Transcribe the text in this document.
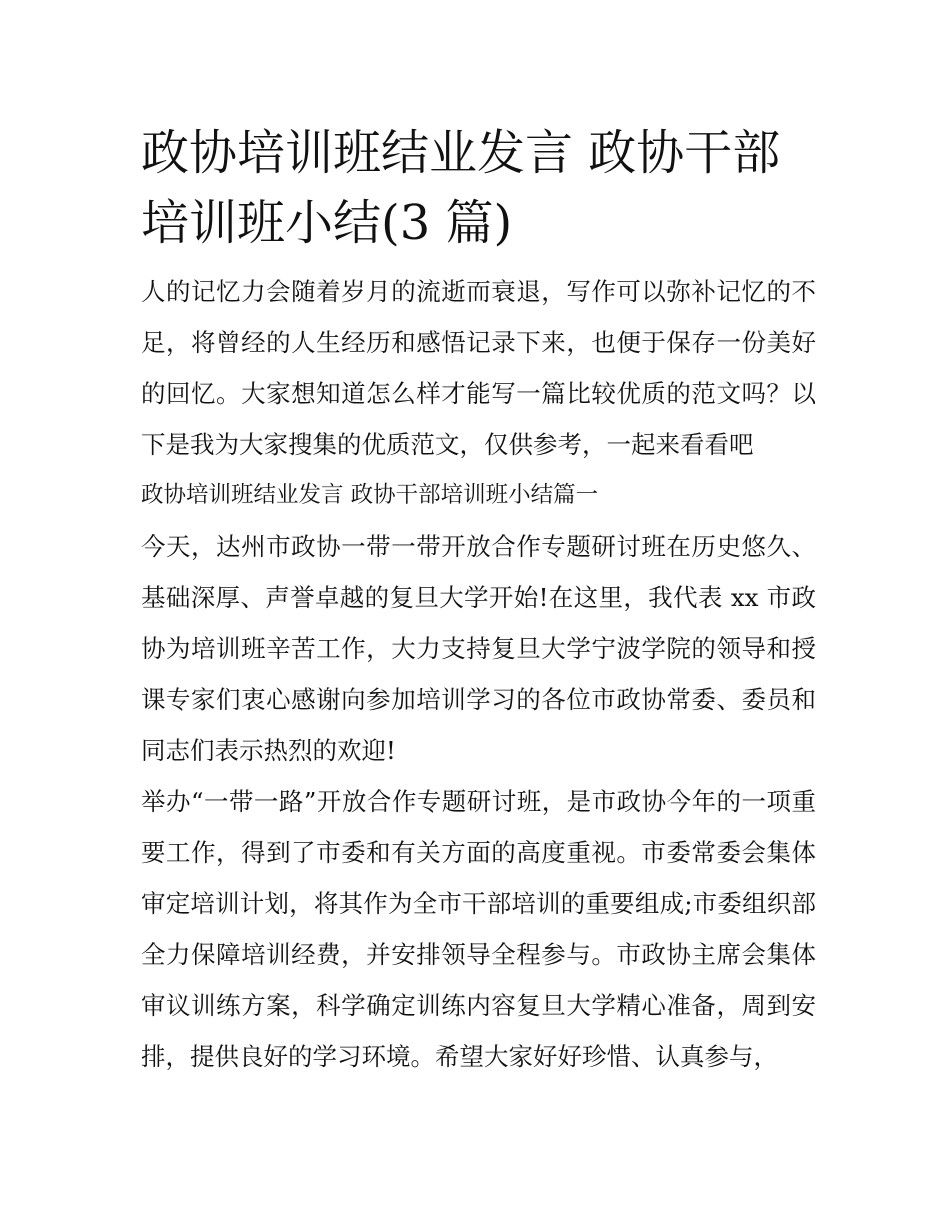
政协培训班结业发言 政协干部培训班小结(3 篇)

人的记忆力会随着岁月的流逝而衰退，写作可以弥补记忆的不足，将曾经的人生经历和感悟记录下来，也便于保存一份美好的回忆。大家想知道怎么样才能写一篇比较优质的范文吗？以下是我为大家搜集的优质范文，仅供参考，一起来看看吧

政协培训班结业发言 政协干部培训班小结篇一

今天，达州市政协一带一带开放合作专题研讨班在历史悠久、基础深厚、声誉卓越的复旦大学开始!在这里，我代表 xx 市政协为培训班辛苦工作，大力支持复旦大学宁波学院的领导和授课专家们衷心感谢向参加培训学习的各位市政协常委、委员和同志们表示热烈的欢迎!

举办“一带一路”开放合作专题研讨班，是市政协今年的一项重要工作，得到了市委和有关方面的高度重视。市委常委会集体审定培训计划，将其作为全市干部培训的重要组成;市委组织部全力保障培训经费，并安排领导全程参与。市政协主席会集体审议训练方案，科学确定训练内容复旦大学精心准备，周到安排，提供良好的学习环境。希望大家好好珍惜、认真参与，
